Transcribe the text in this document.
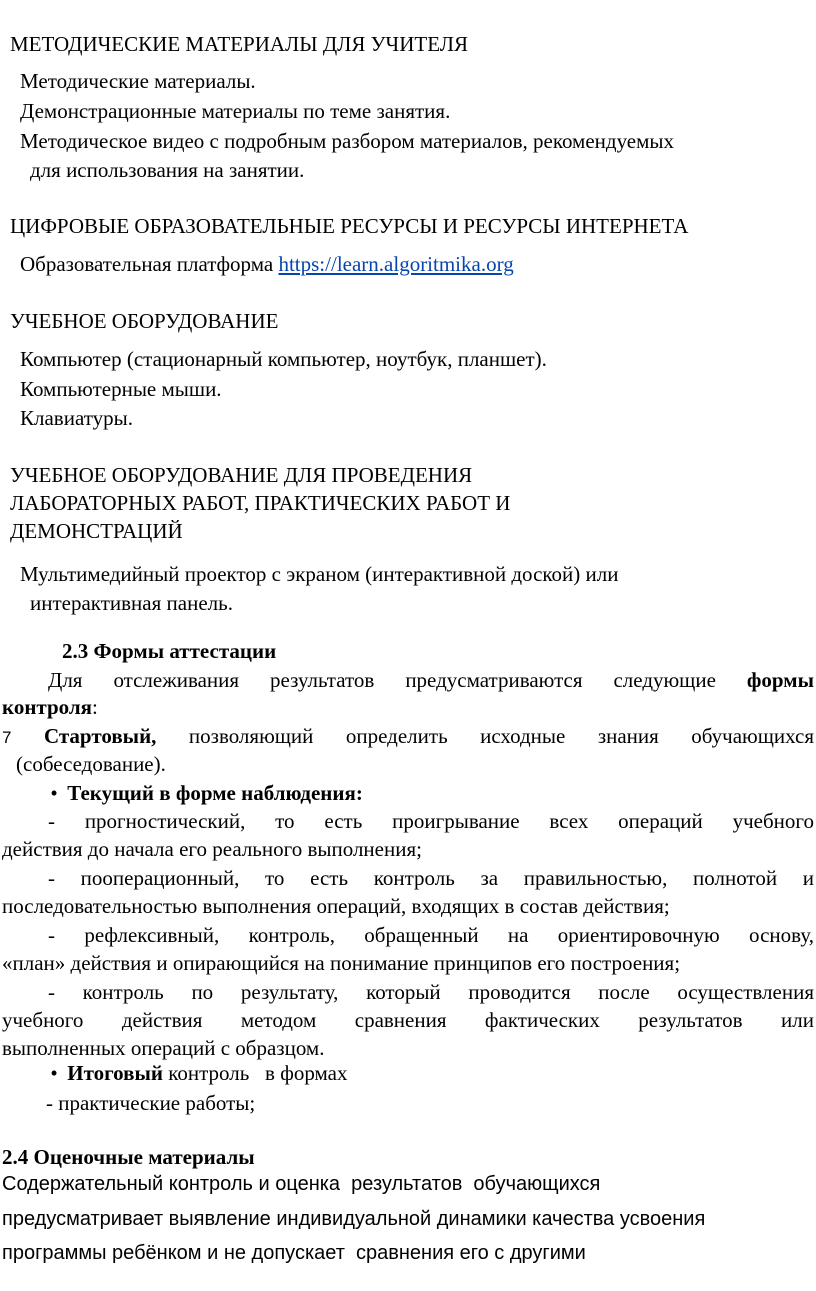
МЕТОДИЧЕСКИЕ МАТЕРИАЛЫ ДЛЯ УЧИТЕЛЯ
Методические материалы.
Демонстрационные материалы по теме занятия.
Методическое видео с подробным разбором материалов, рекомендуемых
для использования на занятии.
ЦИФРОВЫЕ ОБРАЗОВАТЕЛЬНЫЕ РЕСУРСЫ И РЕСУРСЫ ИНТЕРНЕТА
Образовательная платформа https://learn.algoritmika.org
УЧЕБНОЕ ОБОРУДОВАНИЕ
Компьютер (стационарный компьютер, ноутбук, планшет).
Компьютерные мыши.
Клавиатуры.
УЧЕБНОЕ ОБОРУДОВАНИЕ ДЛЯ ПРОВЕДЕНИЯ
ЛАБОРАТОРНЫХ РАБОТ, ПРАКТИЧЕСКИХ РАБОТ И
ДЕМОНСТРАЦИЙ
Мультимедийный проектор с экраном (интерактивной доской) или
интерактивная панель.
2.3 Формы аттестации
Для отслеживания результатов предусматриваются следующие формы
контроля:
7 Стартовый, позволяющий определить исходные знания обучающихся
(собеседование).
• Текущий в форме наблюдения:
- прогностический, то есть проигрывание всех операций учебного
действия до начала его реального выполнения;
- пооперационный, то есть контроль за правильностью, полнотой и
последовательностью выполнения операций, входящих в состав действия;
- рефлексивный, контроль, обращенный на ориентировочную основу,
«план» действия и опирающийся на понимание принципов его построения;
- контроль по результату, который проводится после осуществления
учебного действия методом сравнения фактических результатов или
выполненных операций с образцом.
• Итоговый контроль   в формах
- практические работы;
2.4 Оценочные материалы
Содержательный контроль и оценка  результатов  обучающихся
предусматривает выявление индивидуальной динамики качества усвоения
программы ребёнком и не допускает  сравнения его с другими
